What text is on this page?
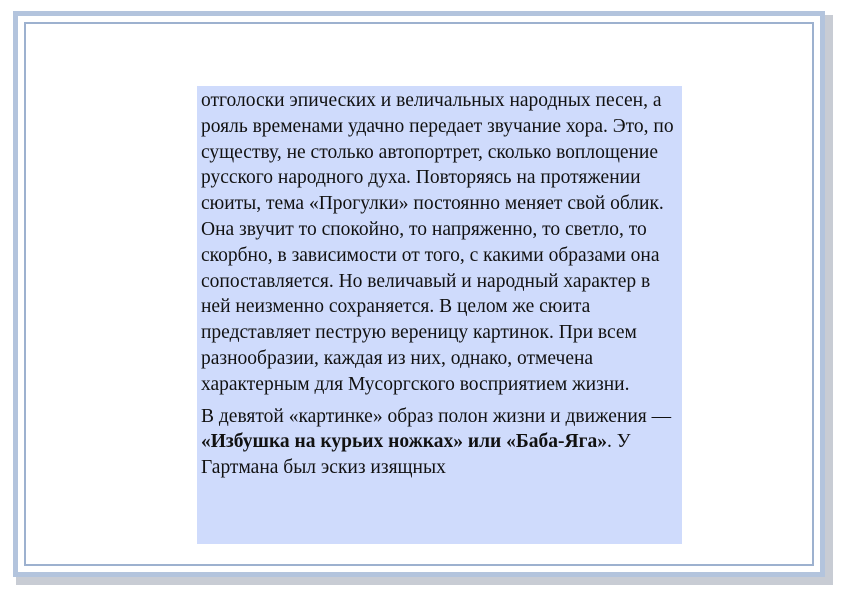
отголоски эпических и величальных народных песен, а рояль временами удачно передает звучание хора. Это, по существу, не столько автопортрет, сколько воплощение русского народного духа. Повторяясь на протяжении сюиты, тема «Прогулки» постоянно меняет свой облик. Она звучит то спокойно, то напряженно, то светло, то скорбно, в зависимости от того, с какими образами она сопоставляется. Но величавый и народный характер в ней неизменно сохраняется. В целом же сюита представляет пеструю вереницу картинок. При всем разнообразии, каждая из них, однако, отмечена характерным для Мусоргского восприятием жизни.

В девятой «картинке» образ полон жизни и движения — «Избушка на курьих ножках» или «Баба-Яга». У Гартмана был эскиз изящных
